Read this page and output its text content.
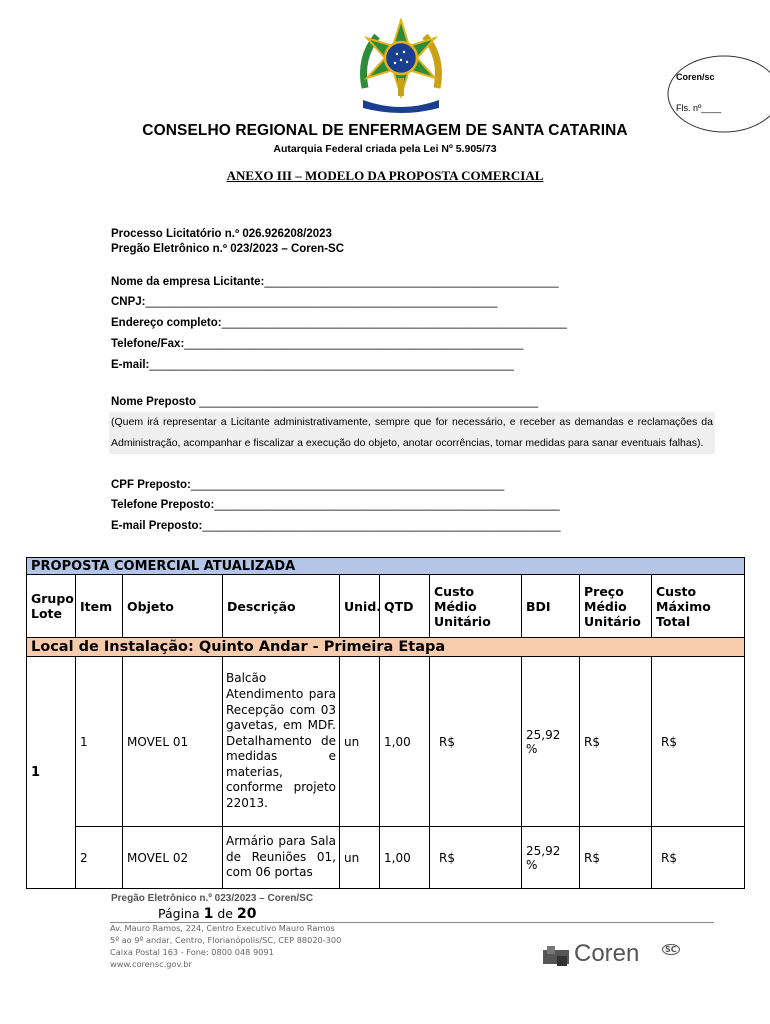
Coren/sc
Fls. nº____
CONSELHO REGIONAL DE ENFERMAGEM DE SANTA CATARINA
Autarquia Federal criada pela Lei Nº 5.905/73
ANEXO III – MODELO DA PROPOSTA COMERCIAL
Processo Licitatório n.º 026.926208/2023
Pregão Eletrônico n.º 023/2023 – Coren-SC
Nome da empresa Licitante:______________________________________________
CNPJ:_______________________________________________________
Endereço completo:______________________________________________________
Telefone/Fax:_____________________________________________________
E-mail:_________________________________________________________
Nome Preposto _____________________________________________________
(Quem irá representar a Licitante administrativamente, sempre que for necessário, e receber as demandas e reclamações da Administração, acompanhar e fiscalizar a execução do objeto, anotar ocorrências, tomar medidas para sanar eventuais falhas).
CPF Preposto:_________________________________________________
Telefone Preposto:______________________________________________________
E-mail Preposto:________________________________________________________
PROPOSTA COMERCIAL ATUALIZADA									
Grupo Lote	Item	Objeto	Descrição	Unid.	QTD	Custo Médio Unitário	BDI	Preço Médio Unitário	Custo Máximo Total
Local de Instalação: Quinto Andar - Primeira Etapa									
1	1	MOVEL 01	Balcão Atendimento para Recepção com 03 gavetas, em MDF. Detalhamento de medidas e materias, conforme projeto 22013.	un	1,00	R$	25,92 %	R$	R$
	2	MOVEL 02	Armário para Sala de Reuniões 01, com 06 portas	un	1,00	R$	25,92 %	R$	R$
Pregão Eletrônico n.º 023/2023 – Coren/SC
Página 1 de 20
Av. Mauro Ramos, 224, Centro Executivo Mauro Ramos
5º ao 9º andar, Centro, Florianópolis/SC, CEP 88020-300
Caixa Postal 163 - Fone: 0800 048 9091
www.corensc.gov.br	Coren	SC
